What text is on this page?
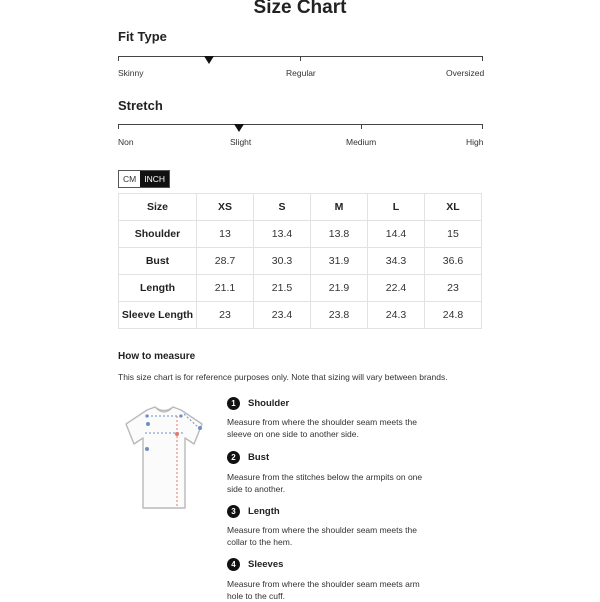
Size Chart
Fit Type
Skinny	Regular	Oversized
Stretch
Non	Slight	Medium	High
CM INCH
Size	XS	S	M	L	XL
Shoulder	13	13.4	13.8	14.4	15
Bust	28.7	30.3	31.9	34.3	36.6
Length	21.1	21.5	21.9	22.4	23
Sleeve Length	23	23.4	23.8	24.3	24.8
How to measure
This size chart is for reference purposes only. Note that sizing will vary between brands.
1	Shoulder
Measure from where the shoulder seam meets the sleeve on one side to another side.
2	Bust
Measure from the stitches below the armpits on one side to another.
3	Length
Measure from where the shoulder seam meets the collar to the hem.
4	Sleeves
Measure from where the shoulder seam meets arm hole to the cuff.
